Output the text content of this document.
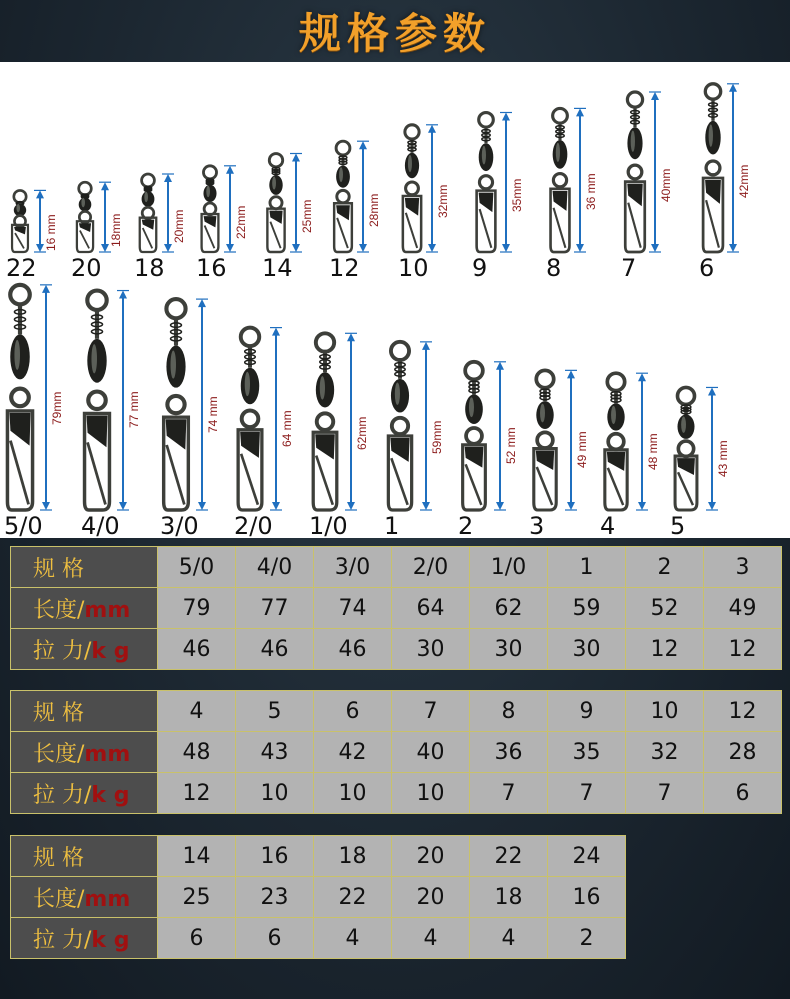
规格参数
16 mm
22
18mm
20
20mm
18
22mm
16
25mm
14
28mm
12
32mm
10
35mm
9
36 mm
8
40mm
7
42mm
6
79mm
5/0
77 mm
4/0
74 mm
3/0
64 mm
2/0
62mm
1/0
59mm
1
52 mm
2
49 mm
3
48 mm
4
43 mm
5
规 格	5/0	4/0	3/0	2/0	1/0	1	2	3
长度/mm	79	77	74	64	62	59	52	49
拉 力/k g	46	46	46	30	30	30	12	12
规 格	4	5	6	7	8	9	10	12
长度/mm	48	43	42	40	36	35	32	28
拉 力/k g	12	10	10	10	7	7	7	6
规 格	14	16	18	20	22	24
长度/mm	25	23	22	20	18	16
拉 力/k g	6	6	4	4	4	2
